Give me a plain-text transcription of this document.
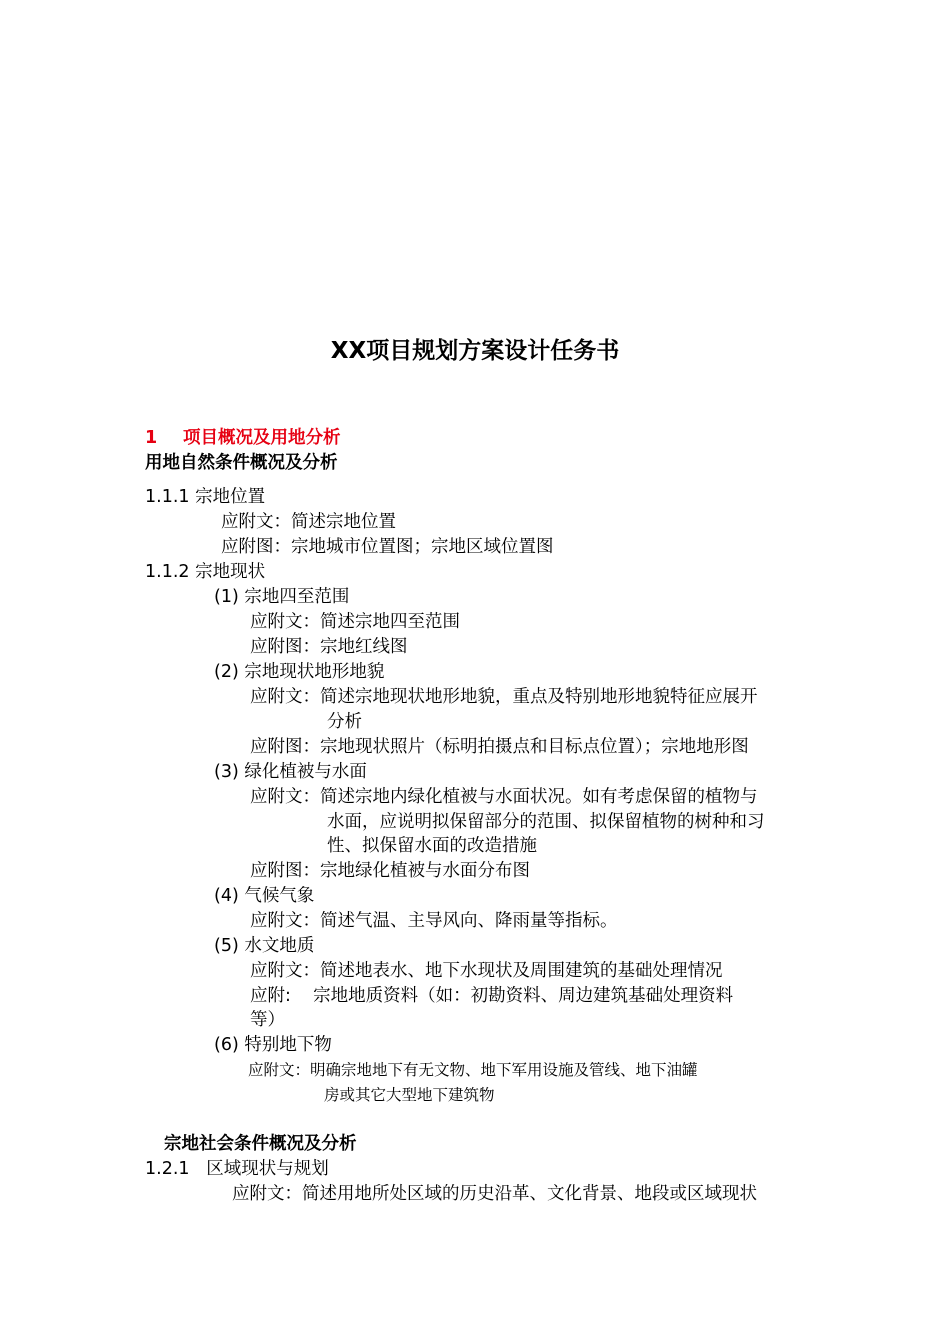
XX项目规划方案设计任务书
1 项目概况及用地分析
用地自然条件概况及分析
1.1.1 宗地位置
应附文：简述宗地位置
应附图：宗地城市位置图；宗地区域位置图
1.1.2 宗地现状
(1) 宗地四至范围
应附文：简述宗地四至范围
应附图：宗地红线图
(2) 宗地现状地形地貌
应附文：简述宗地现状地形地貌，重点及特别地形地貌特征应展开
分析
应附图：宗地现状照片（标明拍摄点和目标点位置）；宗地地形图
(3) 绿化植被与水面
应附文：简述宗地内绿化植被与水面状况。如有考虑保留的植物与
水面，应说明拟保留部分的范围、拟保留植物的树种和习
性、拟保留水面的改造措施
应附图：宗地绿化植被与水面分布图
(4) 气候气象
应附文：简述气温、主导风向、降雨量等指标。
(5) 水文地质
应附文：简述地表水、地下水现状及周围建筑的基础处理情况
应附:    宗地地质资料（如：初勘资料、周边建筑基础处理资料
等）
(6) 特别地下物
应附文：明确宗地地下有无文物、地下军用设施及管线、地下油罐
房或其它大型地下建筑物
宗地社会条件概况及分析
1.2.1   区域现状与规划
应附文：简述用地所处区域的历史沿革、文化背景、地段或区域现状
